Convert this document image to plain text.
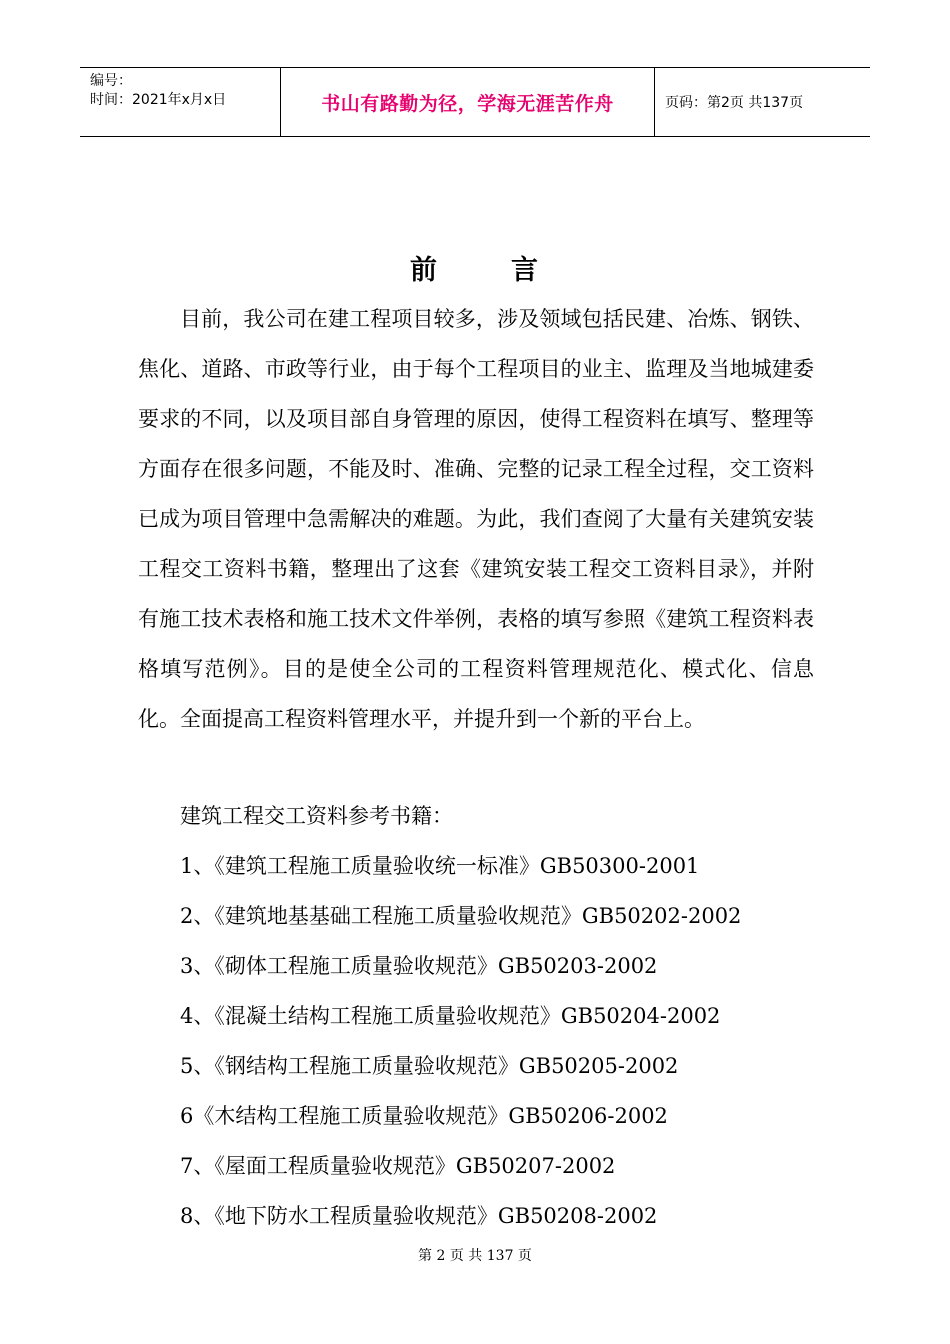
编号：
时间：2021年x月x日	书山有路勤为径，学海无涯苦作舟	页码：第2页 共137页
前	言

目前，我公司在建工程项目较多，涉及领域包括民建、冶炼、钢铁、焦化、道路、市政等行业，由于每个工程项目的业主、监理及当地城建委要求的不同，以及项目部自身管理的原因，使得工程资料在填写、整理等方面存在很多问题，不能及时、准确、完整的记录工程全过程，交工资料已成为项目管理中急需解决的难题。为此，我们查阅了大量有关建筑安装工程交工资料书籍，整理出了这套《建筑安装工程交工资料目录》，并附有施工技术表格和施工技术文件举例，表格的填写参照《建筑工程资料表格填写范例》。目的是使全公司的工程资料管理规范化、模式化、信息化。全面提高工程资料管理水平，并提升到一个新的平台上。

建筑工程交工资料参考书籍：
1、《建筑工程施工质量验收统一标准》GB50300-2001
2、《建筑地基基础工程施工质量验收规范》GB50202-2002
3、《砌体工程施工质量验收规范》GB50203-2002
4、《混凝土结构工程施工质量验收规范》GB50204-2002
5、《钢结构工程施工质量验收规范》GB50205-2002
6《木结构工程施工质量验收规范》GB50206-2002
7、《屋面工程质量验收规范》GB50207-2002
8、《地下防水工程质量验收规范》GB50208-2002
第 2 页 共 137 页
